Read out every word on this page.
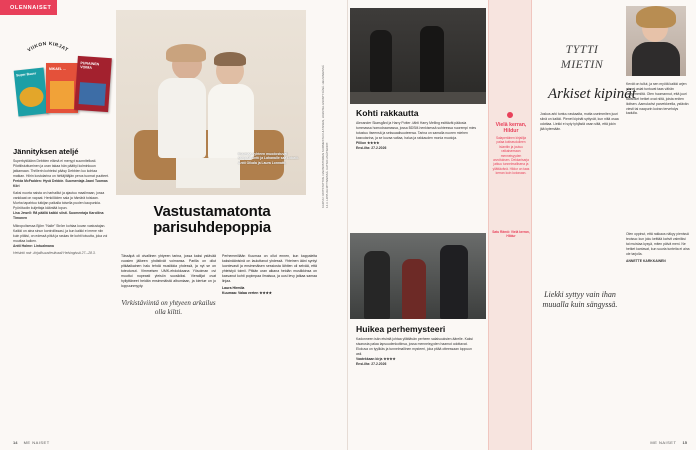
OLENNAISET
VIIKON KIRJAT
Super Bauer
MIKAEL ...
PUNAINEN VOIMA
Jännityksen ateljé

Superbykläänn Debbien elämä ei menyyt suunnitellusti. Pilottiistuttuminen ja uran takaa hän päättyi kolminkuun jatkamaan. Thrillerin kohteksi pääsy Debbien luo kohtaa matkan. Hiirin kostolarina on hirttäjittäjän perus tuomat puutteet.

Freida McFadden: Hyvä Debbie. Suomentaja Jaani Tuomas Kiiri

Kaksi nuorta naista on harhaillut ja ajautuu maailmaan, jossa vankkaat on vapaat. Henkilöiden sala ja hämärä toisiaan. Murha tapahtuu tutkijan paikalla toisella puolen kaupunkia. Pyörötuolin kuljettaja kääntää lopun.

Lisa Jewell: Rå päällä kaikki siisti. Suomentaja Karoliina Timonen

Mikropolisessa Björn ”Nalle” Ström kohtaa kovan vastustajan. Kaikki on aina sinun kontrollissasi, ja kun kaikki ei mene niin kuin pitäisi, on edessä pitkä ja raskas tie kohti totuutta, joka voi muuttaa kaiken.

Antti Halme: Lintualmana

Helsinki noir -kirjallisuusfestivaali Helsingissä 27.–28.3.

Kuumaa vyhteen muodostuvat sampsit Antti ja Lahanalle saa Lokaili. Antti Oikala ja Laura Lonnatti.
Vastustamatonta parisuhdepoppia

Tässäpä oli oivallinen yhtyeen tarina, jossa kaksi ystävää vuosien jälkeen yhdistivät voimansa. Parilla on ollut pitkäaikainen halu tehdä musiikkia yhdessä, ja nyt se on toteutunut. Vimmeisen UMK-ehdokkaana Yösoiman ovi muuttui nopeasti yleisön suosikiksi. Vierailijat ovat hyllyttäneet heidän ensimmäistä albumiaan, ja kiertue on jo loppuunmyyty.

Virkistäviintä on yhtyeen arkailus olla kiltti.

Perhemmillään Kuumaa on ollut ennen, kun kappaleita kaksinäänisinä on lauluttanut yhdessä. Yhteinen ääni syntyi luontevasti ja ensimmäisen sessiosta lähtien oli selvää, että yhteistyö toimii. Pitkän uran aikana heidän musiikkinsa on kasvanut kohti popimpaa ilmaisua, ja uusi levy jatkaa samaa linjaa.

Laura Hirmila

Kuumaa: Valaa verten ★★★★

KAIPUU: ROTSTATTIIN. NARSOSTOMEN SUOMESTA KULTAISEN, LIGINTEL ESIINTYJÄNÄ. HELSINGISSÄ 14.3. LIPPUJA MYYNNISSÄ. KATSO LISÄTIEDOT.
14 ME NAISET
Kohti rakkautta

Alexander Skarsgård ja Harry Potter -tähti Harry Melling esittävät pääosia tummassa homodraamassa, jossa BDSM-henkisessä suhteessa nuorempi mies tutustuu itseensä ja seksuaalisuuteensa. Tarina on samalla nuoren miehen kasvutarina, ja se kuvaa valtaa, halua ja rakkauden monia muotoja.

Pillion ★★★★

Ensi-ilta: 27.2.2026

Huikea perhemysteeri

Kadonneen isän etsintä johtaa yllättävän perheen salaisuuksien äärelle. Kaksi sisarusta palaa lapsuudenkotiinsa, jossa menneisyyden haamut odottavat. Elokuva on tyylikäs ja tunnelmallinen mysteeri, joka pitää otteessaan loppuun asti.

Vaatekkaan kirja ★★★★

Ensi-ilta: 27.2.2026

Vielä kerran, Hildur
Salaperäinen kirjailija palaa kotiseudulleen Islantiin ja joutuu ratkaisemaan menneisyyden arvoituksen. Dekkarisarja jatkuu tunnelmallisena ja yllättävänä. Hildur on taas kerran kuin kotonaan.
Satu Rämö: Vielä kerran, Hildur
TYTTI MIETIN
Arkiset kipinät

Kevät on tullut, ja sen myötä kaikki arjen pienet asiat tuntuvat taas vähän kevyemmiltä. Olen huomannut, että juuri tavalliset hetket ovat niitä, joista eniten iloitsen. Aamukahvi parvekkeella, ystävän viesti tai naapurin koiran tervehdys kadulla.

Joskus arki tuntuu raskaalta, mutta useimmiten juuri siinä on kaikki. Pienet kipinät syttyvät, kun niitä osaa odottaa. Liekki ei syty tyhjästä vaan siitä, että jokin jää kytemään.

Liekki syttyy vain ihan muualla kuin sängyssä.

Olen oppinut, että rakkaus näkyy pienissä teoissa: kun joku keittää kahvit valmiiksi tai muistaa kysyä, miten päivä meni. Ne hetket kantavat, kun suuria tunteita ei aina ole tarjolla.

ANNETTE KARKKAINEN

ME NAISET 15
